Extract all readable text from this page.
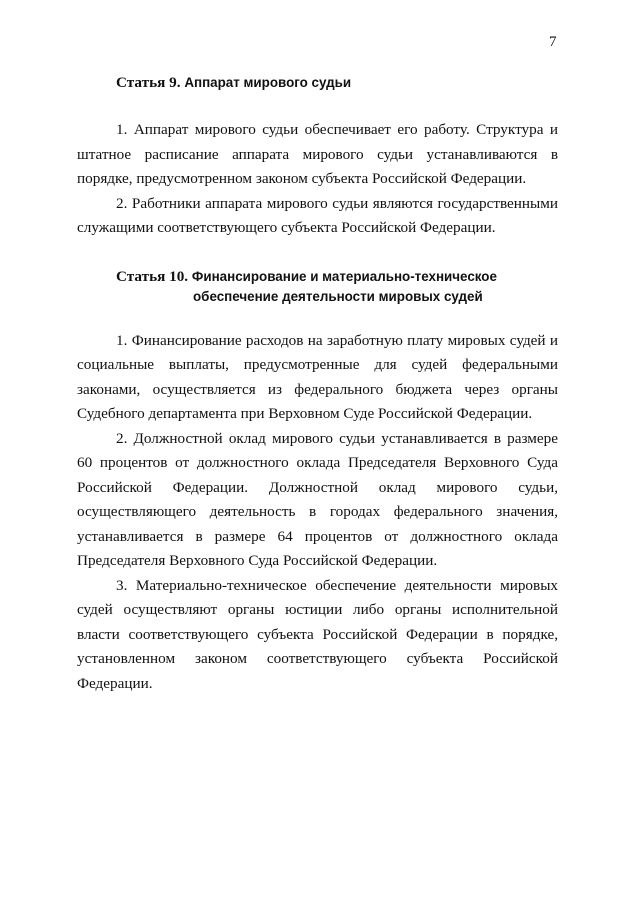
7
Статья 9. Аппарат мирового судьи

1. Аппарат мирового судьи обеспечивает его работу. Структура и штатное расписание аппарата мирового судьи устанавливаются в порядке, предусмотренном законом субъекта Российской Федерации.

2. Работники аппарата мирового судьи являются государственными служащими соответствующего субъекта Российской Федерации.

Статья 10. Финансирование и материально-техническое
обеспечение деятельности мировых судей

1. Финансирование расходов на заработную плату мировых судей и социальные выплаты, предусмотренные для судей федеральными законами, осуществляется из федерального бюджета через органы Судебного департамента при Верховном Суде Российской Федерации.

2. Должностной оклад мирового судьи устанавливается в размере 60 процентов от должностного оклада Председателя Верховного Суда Российской Федерации. Должностной оклад мирового судьи, осуществляющего деятельность в городах федерального значения, устанавливается в размере 64 процентов от должностного оклада Председателя Верховного Суда Российской Федерации.

3. Материально-техническое обеспечение деятельности мировых судей осуществляют органы юстиции либо органы исполнительной власти соответствующего субъекта Российской Федерации в порядке, установленном законом соответствующего субъекта Российской Федерации.
